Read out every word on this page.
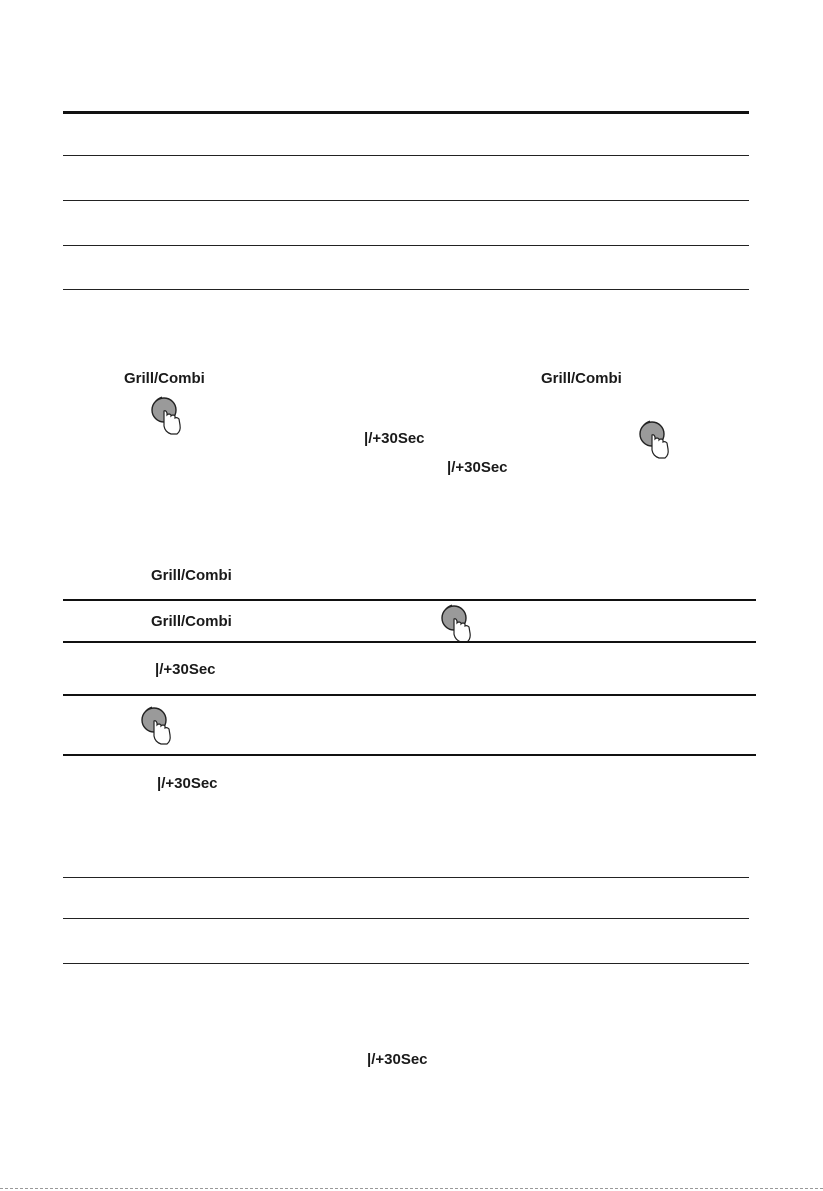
Grill/Combi	Grill/Combi
|/+30Sec
|/+30Sec
Grill/Combi
Grill/Combi
|/+30Sec
|/+30Sec
|/+30Sec
